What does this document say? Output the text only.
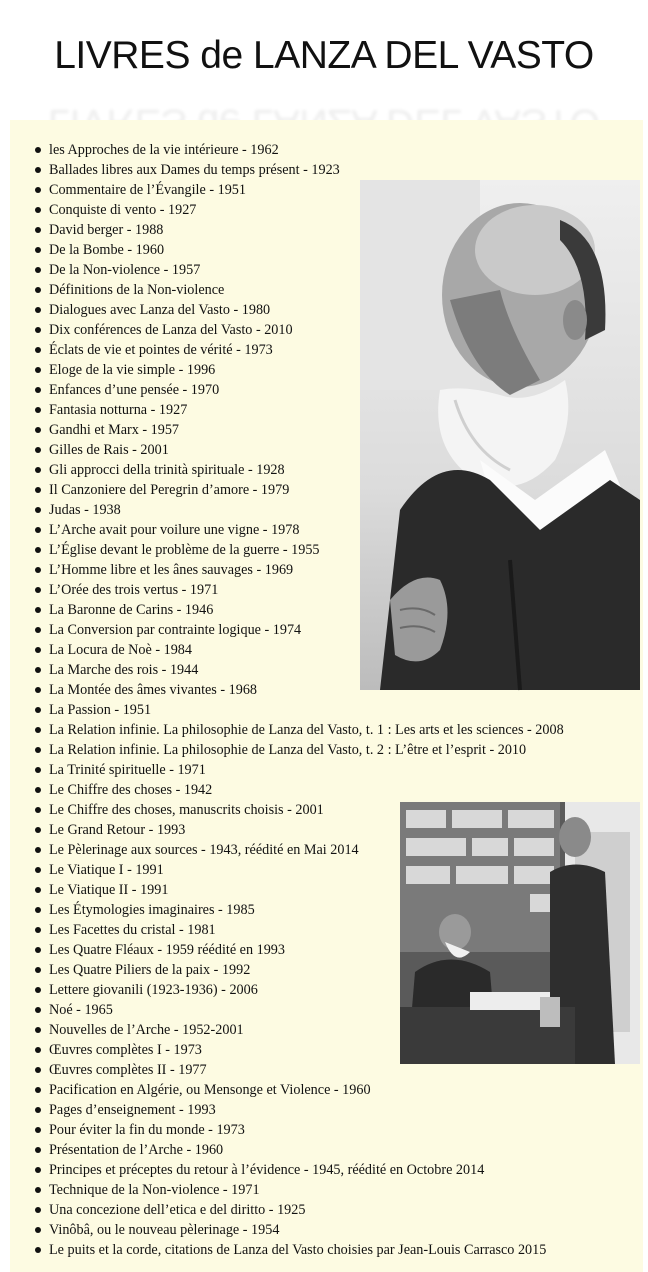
LIVRES de LANZA DEL VASTO
les Approches de la vie intérieure - 1962
Ballades libres aux Dames du temps présent - 1923
Commentaire de l’Évangile - 1951
Conquiste di vento - 1927
David berger - 1988
De la Bombe - 1960
De la Non-violence - 1957
Définitions de la Non-violence
Dialogues avec Lanza del Vasto - 1980
Dix conférences de Lanza del Vasto - 2010
Éclats de vie et pointes de vérité - 1973
Eloge de la vie simple - 1996
Enfances d’une pensée - 1970
Fantasia notturna - 1927
Gandhi et Marx - 1957
Gilles de Rais - 2001
Gli approcci della trinità spirituale - 1928
Il Canzoniere del Peregrin d’amore - 1979
Judas - 1938
L’Arche avait pour voilure une vigne - 1978
L’Église devant le problème de la guerre - 1955
L’Homme libre et les ânes sauvages - 1969
L’Orée des trois vertus - 1971
La Baronne de Carins - 1946
La Conversion par contrainte logique - 1974
La Locura de Noè - 1984
La Marche des rois - 1944
La Montée des âmes vivantes - 1968
La Passion - 1951
La Relation infinie. La philosophie de Lanza del Vasto, t. 1 : Les arts et les sciences - 2008
La Relation infinie. La philosophie de Lanza del Vasto, t. 2 : L’être et l’esprit - 2010
La Trinité spirituelle - 1971
Le Chiffre des choses - 1942
Le Chiffre des choses, manuscrits choisis - 2001
Le Grand Retour - 1993
Le Pèlerinage aux sources - 1943, réédité en Mai 2014
Le Viatique I - 1991
Le Viatique II - 1991
Les Étymologies imaginaires - 1985
Les Facettes du cristal - 1981
Les Quatre Fléaux - 1959 réédité en 1993
Les Quatre Piliers de la paix - 1992
Lettere giovanili (1923-1936) - 2006
Noé - 1965
Nouvelles de l’Arche - 1952-2001
Œuvres complètes I - 1973
Œuvres complètes II - 1977
Pacification en Algérie, ou Mensonge et Violence - 1960
Pages d’enseignement - 1993
Pour éviter la fin du monde - 1973
Présentation de l’Arche - 1960
Principes et préceptes du retour à l’évidence - 1945, réédité en Octobre 2014
Technique de la Non-violence - 1971
Una concezione dell’etica e del diritto - 1925
Vinôbâ, ou le nouveau pèlerinage - 1954
Le puits et la corde, citations de Lanza del Vasto choisies par Jean-Louis Carrasco 2015
